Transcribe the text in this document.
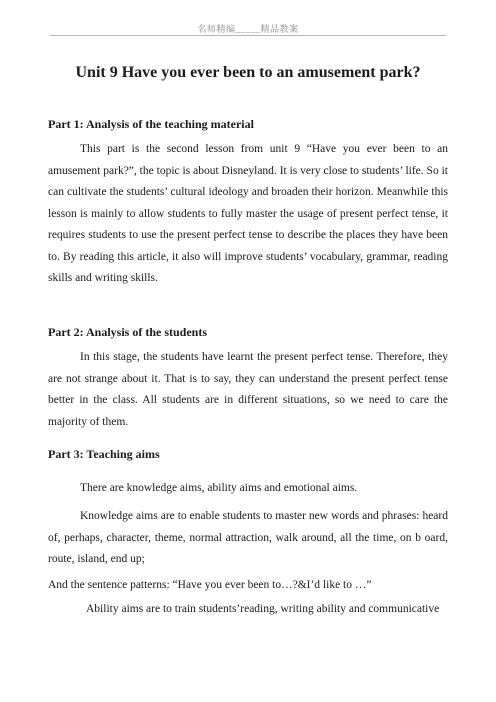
名师精编_____精品教案
Unit 9 Have you ever been to an amusement park?
Part 1: Analysis of the teaching material
This part is the second lesson from unit 9 “Have you ever been to an amusement park?”, the topic is about Disneyland. It is very close to students’ life. So it can cultivate the students’ cultural ideology and broaden their horizon. Meanwhile this lesson is mainly to allow students to fully master the usage of present perfect tense, it requires students to use the present perfect tense to describe the places they have been to. By reading this article, it also will improve students’ vocabulary, grammar, reading skills and writing skills.
Part 2: Analysis of the students
In this stage, the students have learnt the present perfect tense. Therefore, they are not strange about it. That is to say, they can understand the present perfect tense better in the class. All students are in different situations, so we need to care the majority of them.
Part 3: Teaching aims
There are knowledge aims, ability aims and emotional aims.
Knowledge aims are to enable students to master new words and phrases: heard of, perhaps, character, theme, normal attraction, walk around, all the time, on b oard, route, island, end up;
And the sentence patterns: “Have you ever been to…?&I’d like to …”
Ability aims are to train students’reading, writing ability and communicative
